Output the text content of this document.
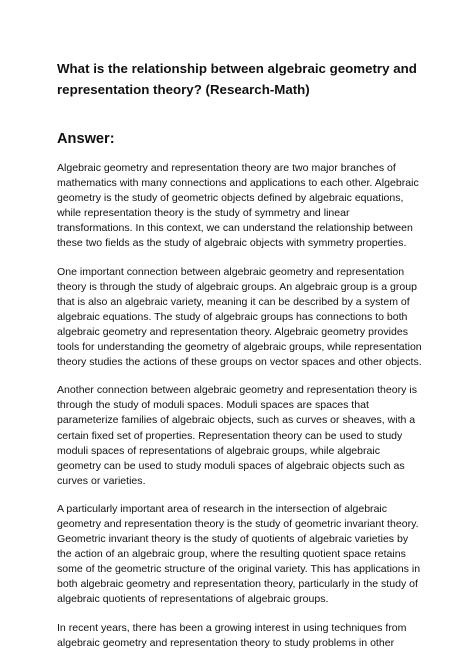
What is the relationship between algebraic geometry and
representation theory? (Research-Math)
Answer:

Algebraic geometry and representation theory are two major branches of
mathematics with many connections and applications to each other. Algebraic
geometry is the study of geometric objects defined by algebraic equations,
while representation theory is the study of symmetry and linear
transformations. In this context, we can understand the relationship between
these two fields as the study of algebraic objects with symmetry properties.

One important connection between algebraic geometry and representation
theory is through the study of algebraic groups. An algebraic group is a group
that is also an algebraic variety, meaning it can be described by a system of
algebraic equations. The study of algebraic groups has connections to both
algebraic geometry and representation theory. Algebraic geometry provides
tools for understanding the geometry of algebraic groups, while representation
theory studies the actions of these groups on vector spaces and other objects.

Another connection between algebraic geometry and representation theory is
through the study of moduli spaces. Moduli spaces are spaces that
parameterize families of algebraic objects, such as curves or sheaves, with a
certain fixed set of properties. Representation theory can be used to study
moduli spaces of representations of algebraic groups, while algebraic
geometry can be used to study moduli spaces of algebraic objects such as
curves or varieties.

A particularly important area of research in the intersection of algebraic
geometry and representation theory is the study of geometric invariant theory.
Geometric invariant theory is the study of quotients of algebraic varieties by
the action of an algebraic group, where the resulting quotient space retains
some of the geometric structure of the original variety. This has applications in
both algebraic geometry and representation theory, particularly in the study of
algebraic quotients of representations of algebraic groups.

In recent years, there has been a growing interest in using techniques from
algebraic geometry and representation theory to study problems in other
